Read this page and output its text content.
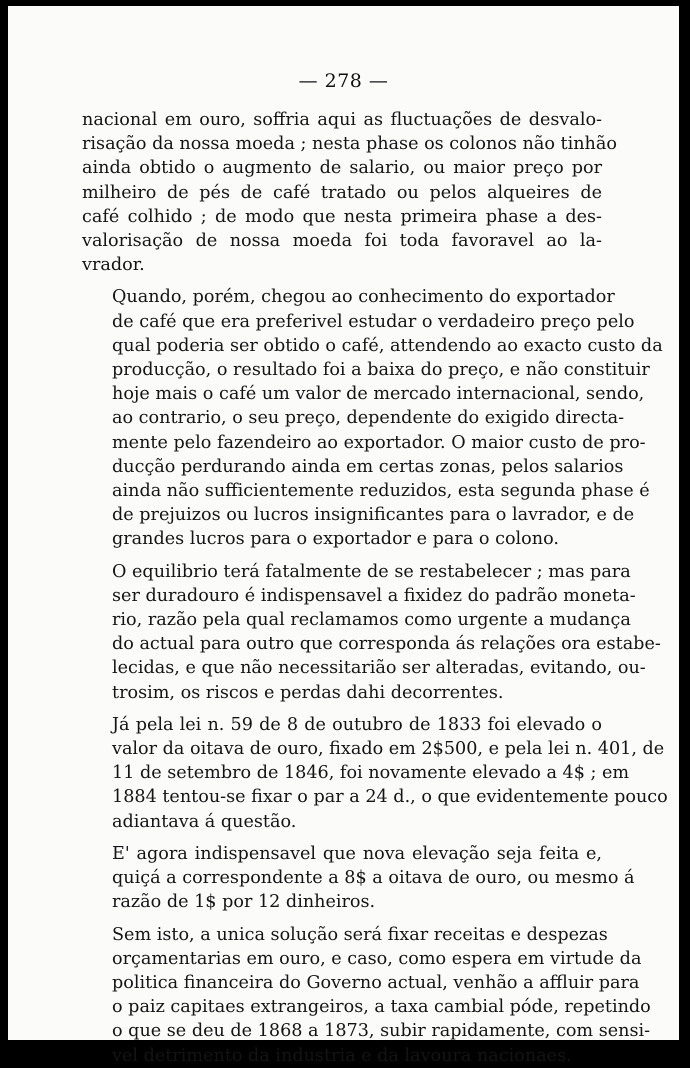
— 278 —

nacional em ouro, soffria aqui as fluctuações de desvalo-
risação da nossa moeda ; nesta phase os colonos não tinhão
ainda obtido o augmento de salario, ou maior preço por
milheiro de pés de café tratado ou pelos alqueires de
café colhido ; de modo que nesta primeira phase a des-
valorisação de nossa moeda foi toda favoravel ao la-
vrador.

Quando, porém, chegou ao conhecimento do exportador
de café que era preferivel estudar o verdadeiro preço pelo
qual poderia ser obtido o café, attendendo ao exacto custo da
producção, o resultado foi a baixa do preço, e não constituir
hoje mais o café um valor de mercado internacional, sendo,
ao contrario, o seu preço, dependente do exigido directa-
mente pelo fazendeiro ao exportador. O maior custo de pro-
ducção perdurando ainda em certas zonas, pelos salarios
ainda não sufficientemente reduzidos, esta segunda phase é
de prejuizos ou lucros insignificantes para o lavrador, e de
grandes lucros para o exportador e para o colono.

O equilibrio terá fatalmente de se restabelecer ; mas para
ser duradouro é indispensavel a fixidez do padrão moneta-
rio, razão pela qual reclamamos como urgente a mudança
do actual para outro que corresponda ás relações ora estabe-
lecidas, e que não necessitarião ser alteradas, evitando, ou-
trosim, os riscos e perdas dahi decorrentes.

Já pela lei n. 59 de 8 de outubro de 1833 foi elevado o
valor da oitava de ouro, fixado em 2$500, e pela lei n. 401, de
11 de setembro de 1846, foi novamente elevado a 4$ ; em
1884 tentou-se fixar o par a 24 d., o que evidentemente pouco
adiantava á questão.

E' agora indispensavel que nova elevação seja feita e,
quiçá a correspondente a 8$ a oitava de ouro, ou mesmo á
razão de 1$ por 12 dinheiros.

Sem isto, a unica solução será fixar receitas e despezas
orçamentarias em ouro, e caso, como espera em virtude da
politica financeira do Governo actual, venhão a affluir para
o paiz capitaes extrangeiros, a taxa cambial póde, repetindo
o que se deu de 1868 a 1873, subir rapidamente, com sensi-
vel detrimento da industria e da lavoura nacionaes.
